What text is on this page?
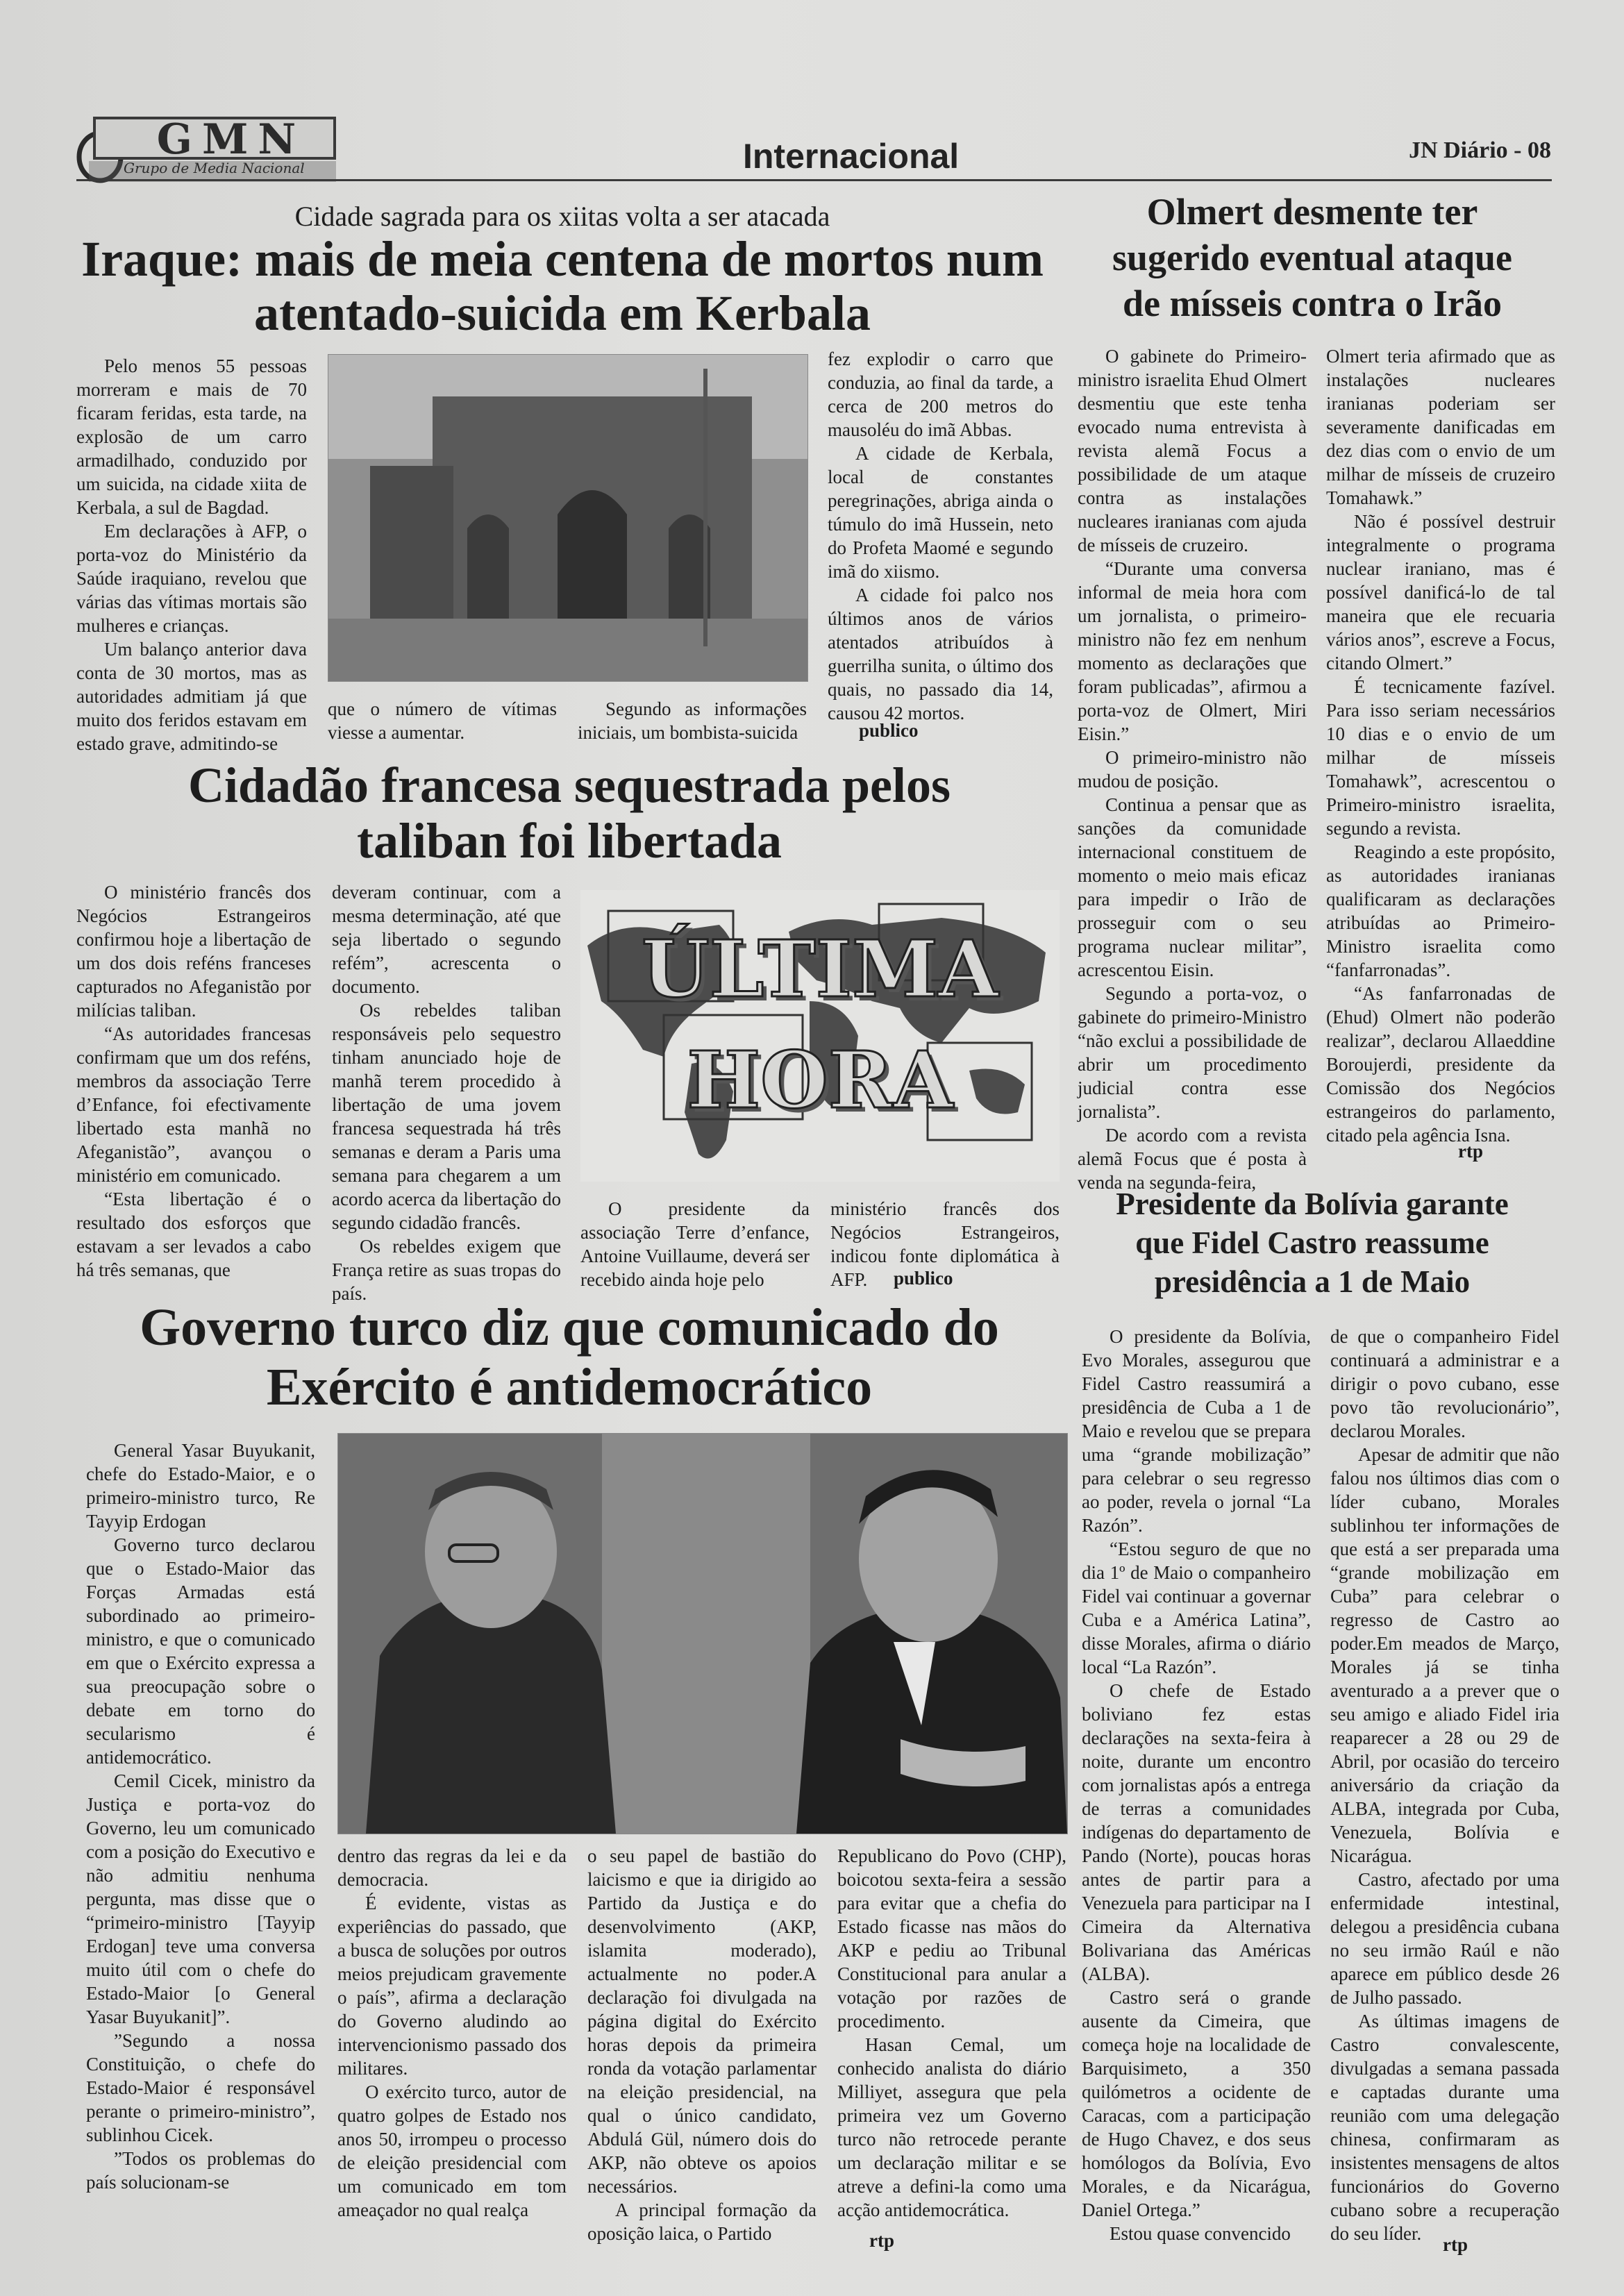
GMN
Grupo de Media Nacional	Internacional	JN Diário - 08
Cidade sagrada para os xiitas volta a ser atacada
Iraque: mais de meia centena de mortos num
atentado-suicida em Kerbala

Pelo menos 55 pessoas morreram e mais de 70 ficaram feridas, esta tarde, na explosão de um carro armadilhado, conduzido por um suicida, na cidade xiita de Kerbala, a sul de Bagdad.

Em declarações à AFP, o porta-voz do Ministério da Saúde iraquiano, revelou que várias das vítimas mortais são mulheres e crianças.

Um balanço anterior dava conta de 30 mortos, mas as autoridades admitiam já que muito dos feridos estavam em estado grave, admitindo-se

que o número de vítimas viesse a aumentar.

Segundo as informações iniciais, um bombista-suicida

fez explodir o carro que conduzia, ao final da tarde, a cerca de 200 metros do mausoléu do imã Abbas.

A cidade de Kerbala, local de constantes peregrinações, abriga ainda o túmulo do imã Hussein, neto do Profeta Maomé e segundo imã do xiismo.

A cidade foi palco nos últimos anos de vários atentados atribuídos à guerrilha sunita, o último dos quais, no passado dia 14, causou 42 mortos.

publico
Olmert desmente ter
sugerido eventual ataque
de mísseis contra o Irão

O gabinete do Primeiro-ministro israelita Ehud Olmert desmentiu que este tenha evocado numa entrevista à revista alemã Focus a possibilidade de um ataque contra as instalações nucleares iranianas com ajuda de mísseis de cruzeiro.

“Durante uma conversa informal de meia hora com um jornalista, o primeiro-ministro não fez em nenhum momento as declarações que foram publicadas”, afirmou a porta-voz de Olmert, Miri Eisin.”

O primeiro-ministro não mudou de posição.

Continua a pensar que as sanções da comunidade internacional constituem de momento o meio mais eficaz para impedir o Irão de prosseguir com o seu programa nuclear militar”, acrescentou Eisin.

Segundo a porta-voz, o gabinete do primeiro-Ministro “não exclui a possibilidade de abrir um procedimento judicial contra esse jornalista”.

De acordo com a revista alemã Focus que é posta à venda na segunda-feira,

Olmert teria afirmado que as instalações nucleares iranianas poderiam ser severamente danificadas em dez dias com o envio de um milhar de mísseis de cruzeiro Tomahawk.”

Não é possível destruir integralmente o programa nuclear iraniano, mas é possível danificá-lo de tal maneira que ele recuaria vários anos”, escreve a Focus, citando Olmert.”

É tecnicamente fazível. Para isso seriam necessários 10 dias e o envio de um milhar de mísseis Tomahawk”, acrescentou o Primeiro-ministro israelita, segundo a revista.

Reagindo a este propósito, as autoridades iranianas qualificaram as declarações atribuídas ao Primeiro-Ministro israelita como “fanfarronadas”.

“As fanfarronadas de (Ehud) Olmert não poderão realizar”, declarou Allaeddine Boroujerdi, presidente da Comissão dos Negócios estrangeiros do parlamento, citado pela agência Isna.

rtp
Cidadão francesa sequestrada pelos
taliban foi libertada

O ministério francês dos Negócios Estrangeiros confirmou hoje a libertação de um dos dois reféns franceses capturados no Afeganistão por milícias taliban.

“As autoridades francesas confirmam que um dos reféns, membros da associação Terre d’Enfance, foi efectivamente libertado esta manhã no Afeganistão”, avançou o ministério em comunicado.

“Esta libertação é o resultado dos esforços que estavam a ser levados a cabo há três semanas, que

deveram continuar, com a mesma determinação, até que seja libertado o segundo refém”, acrescenta o documento.

Os rebeldes taliban responsáveis pelo sequestro tinham anunciado hoje de manhã terem procedido à libertação de uma jovem francesa sequestrada há três semanas e deram a Paris uma semana para chegarem a um acordo acerca da libertação do segundo cidadão francês.

Os rebeldes exigem que França retire as suas tropas do país.

ÚLTIMA
HORA

O presidente da associação Terre d’enfance, Antoine Vuillaume, deverá ser recebido ainda hoje pelo

ministério francês dos Negócios Estrangeiros, indicou fonte diplomática à AFP.	publico
Presidente da Bolívia garante
que Fidel Castro reassume
presidência a 1 de Maio

O presidente da Bolívia, Evo Morales, assegurou que Fidel Castro reassumirá a presidência de Cuba a 1 de Maio e revelou que se prepara uma “grande mobilização” para celebrar o seu regresso ao poder, revela o jornal “La Razón”.

“Estou seguro de que no dia 1º de Maio o companheiro Fidel vai continuar a governar Cuba e a América Latina”, disse Morales, afirma o diário local “La Razón”.

O chefe de Estado boliviano fez estas declarações na sexta-feira à noite, durante um encontro com jornalistas após a entrega de terras a comunidades indígenas do departamento de Pando (Norte), poucas horas antes de partir para a Venezuela para participar na I Cimeira da Alternativa Bolivariana das Américas (ALBA).

Castro será o grande ausente da Cimeira, que começa hoje na localidade de Barquisimeto, a 350 quilómetros a ocidente de Caracas, com a participação de Hugo Chavez, e dos seus homólogos da Bolívia, Evo Morales, e da Nicarágua, Daniel Ortega.”

Estou quase convencido

de que o companheiro Fidel continuará a administrar e a dirigir o povo cubano, esse povo tão revolucionário”, declarou Morales.

Apesar de admitir que não falou nos últimos dias com o líder cubano, Morales sublinhou ter informações de que está a ser preparada uma “grande mobilização em Cuba” para celebrar o regresso de Castro ao poder.Em meados de Março, Morales já se tinha aventurado a a prever que o seu amigo e aliado Fidel iria reaparecer a 28 ou 29 de Abril, por ocasião do terceiro aniversário da criação da ALBA, integrada por Cuba, Venezuela, Bolívia e Nicarágua.

Castro, afectado por uma enfermidade intestinal, delegou a presidência cubana no seu irmão Raúl e não aparece em público desde 26 de Julho passado.

As últimas imagens de Castro convalescente, divulgadas a semana passada e captadas durante uma reunião com uma delegação chinesa, confirmaram as insistentes mensagens de altos funcionários do Governo cubano sobre a recuperação do seu líder.

rtp
Governo turco diz que comunicado do
Exército é antidemocrático

General Yasar Buyukanit, chefe do Estado-Maior, e o primeiro-ministro turco, Re Tayyip Erdogan

Governo turco declarou que o Estado-Maior das Forças Armadas está subordinado ao primeiro-ministro, e que o comunicado em que o Exército expressa a sua preocupação sobre o debate em torno do secularismo é antidemocrático.

Cemil Cicek, ministro da Justiça e porta-voz do Governo, leu um comunicado com a posição do Executivo e não admitiu nenhuma pergunta, mas disse que o “primeiro-ministro [Tayyip Erdogan] teve uma conversa muito útil com o chefe do Estado-Maior [o General Yasar Buyukanit]”.

”Segundo a nossa Constituição, o chefe do Estado-Maior é responsável perante o primeiro-ministro”, sublinhou Cicek.

”Todos os problemas do país solucionam-se

dentro das regras da lei e da democracia.

É evidente, vistas as experiências do passado, que a busca de soluções por outros meios prejudicam gravemente o país”, afirma a declaração do Governo aludindo ao intervencionismo passado dos militares.

O exército turco, autor de quatro golpes de Estado nos anos 50, irrompeu o processo de eleição presidencial com um comunicado em tom ameaçador no qual realça

o seu papel de bastião do laicismo e que ia dirigido ao Partido da Justiça e do desenvolvimento (AKP, islamita moderado), actualmente no poder.A declaração foi divulgada na página digital do Exército horas depois da primeira ronda da votação parlamentar na eleição presidencial, na qual o único candidato, Abdulá Gül, número dois do AKP, não obteve os apoios necessários.

A principal formação da oposição laica, o Partido

Republicano do Povo (CHP), boicotou sexta-feira a sessão para evitar que a chefia do Estado ficasse nas mãos do AKP e pediu ao Tribunal Constitucional para anular a votação por razões de procedimento.

Hasan Cemal, um conhecido analista do diário Milliyet, assegura que pela primeira vez um Governo turco não retrocede perante um declaração militar e se atreve a defini-la como uma acção antidemocrática.

rtp
